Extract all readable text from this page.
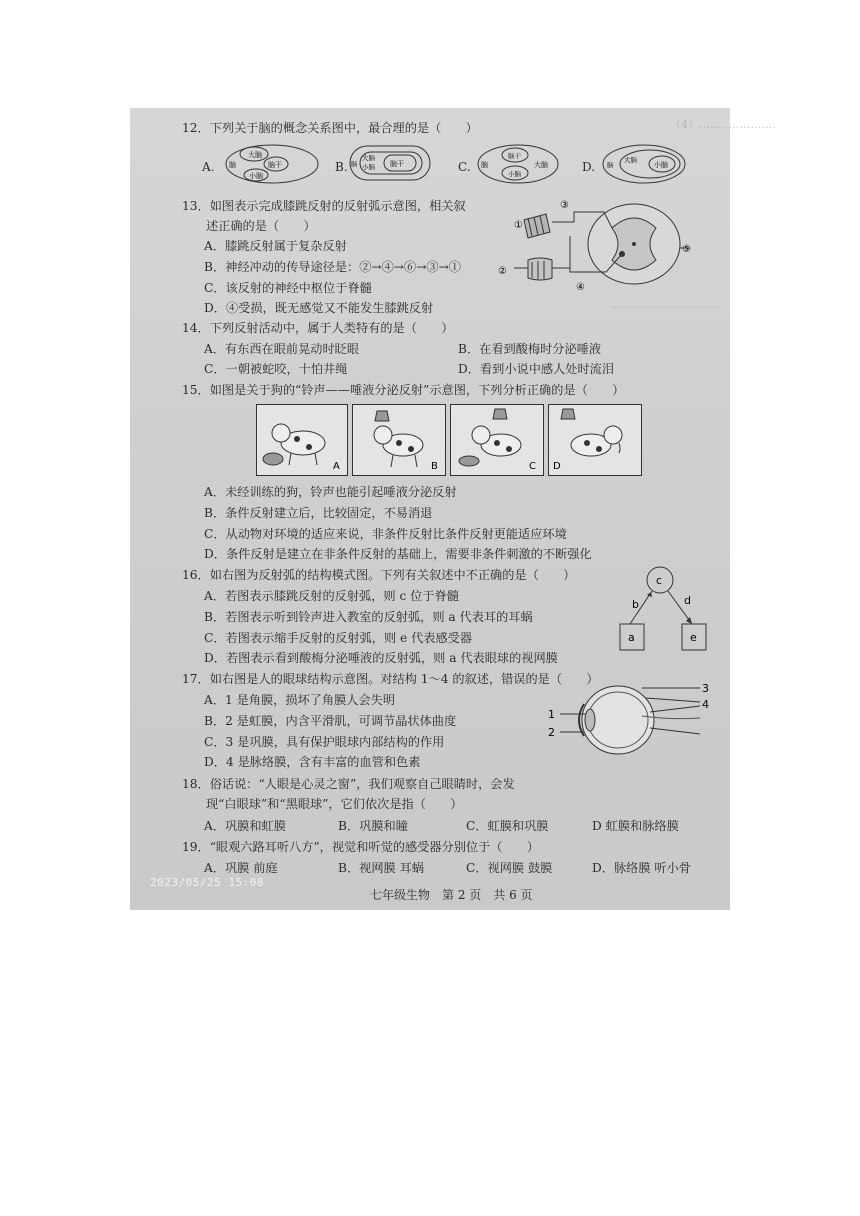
（4）…………………
…………………………
12．下列关于脑的概念关系图中，最合理的是（　　）
A.	B.	C.	D.
大脑
脑	脑干
小脑
大脑
小脑
脑	脑干
脑干
脑
小脑
大脑	小脑
大脑
脑
13．如图表示完成膝跳反射的反射弧示意图，相关叙
述正确的是（　　）
A．膝跳反射属于复杂反射
B．神经冲动的传导途径是：②→④→⑥→③→①
C．该反射的神经中枢位于脊髓
D．④受损，既无感觉又不能发生膝跳反射
①
②
③
④
⑤
14．下列反射活动中，属于人类特有的是（　　）
A．有东西在眼前晃动时眨眼	B．在看到酸梅时分泌唾液
C．一朝被蛇咬，十怕井绳	D．看到小说中感人处时流泪
15．如图是关于狗的“铃声——唾液分泌反射”示意图，下列分析正确的是（　　）
A	B	C D
A．未经训练的狗，铃声也能引起唾液分泌反射
B．条件反射建立后，比较固定，不易消退
C．从动物对环境的适应来说，非条件反射比条件反射更能适应环境
D．条件反射是建立在非条件反射的基础上，需要非条件刺激的不断强化
16．如右图为反射弧的结构模式图。下列有关叙述中不正确的是（　　）
A．若图表示膝跳反射的反射弧，则 c 位于脊髓
B．若图表示听到铃声进入教室的反射弧，则 a 代表耳的耳蜗
C．若图表示缩手反射的反射弧，则 e 代表感受器
D．若图表示看到酸梅分泌唾液的反射弧，则 a 代表眼球的视网膜
c
b	d
a	e
17．如右图是人的眼球结构示意图。对结构 1～4 的叙述，错误的是（　　）
A．1 是角膜，损坏了角膜人会失明
B．2 是虹膜，内含平滑肌，可调节晶状体曲度
C．3 是巩膜，具有保护眼球内部结构的作用
D．4 是脉络膜，含有丰富的血管和色素
3
4
1
2
18．俗话说：“人眼是心灵之窗”，我们观察自己眼睛时，会发
现“白眼球”和“黑眼球”，它们依次是指（　　）
A．巩膜和虹膜	B．巩膜和瞳	C．虹膜和巩膜	D 虹膜和脉络膜
19．“眼观六路耳听八方”，视觉和听觉的感受器分别位于（　　）
A．巩膜 前庭	B．视网膜 耳蜗	C．视网膜 鼓膜	D．脉络膜 听小骨
2023/05/25 15:08
七年级生物　第 2 页　共 6 页
